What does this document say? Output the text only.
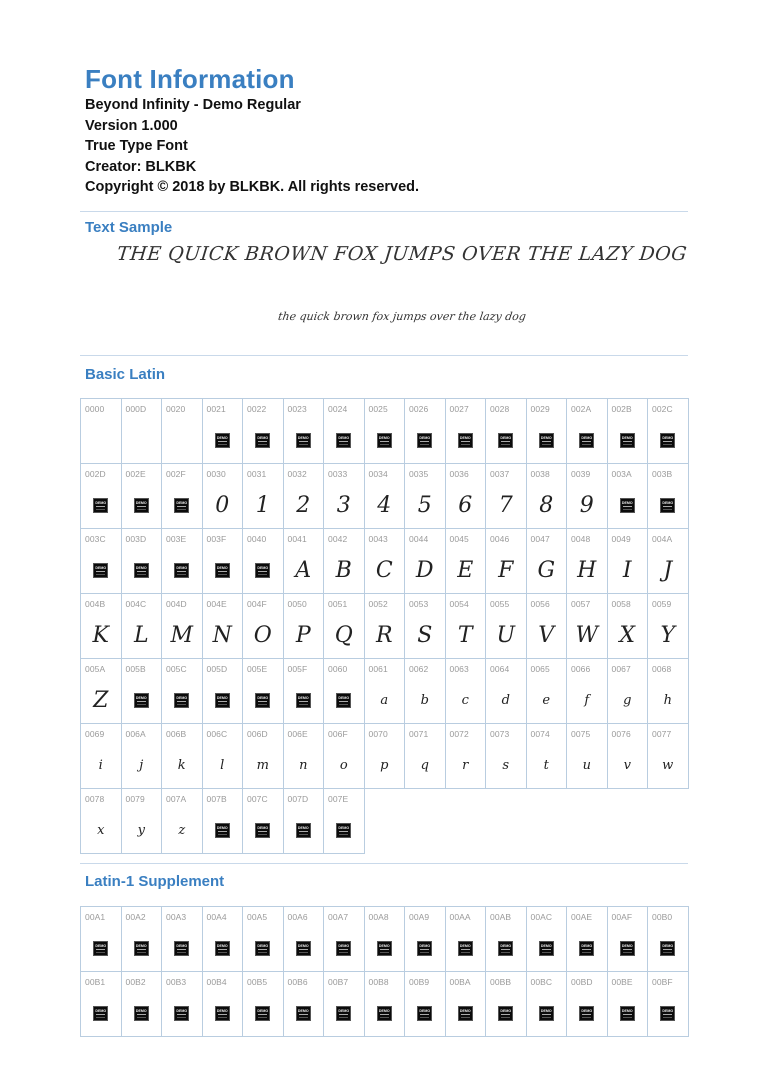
Font Information
Beyond Infinity - Demo Regular
Version 1.000
True Type Font
Creator: BLKBK
Copyright © 2018 by BLKBK. All rights reserved.
Text Sample
THE QUICK BROWN FOX JUMPS OVER THE LAZY DOG
the quick brown fox jumps over the lazy dog
Basic Latin
0000 000D 0020 0021
DEMO
0022
DEMO
0023
DEMO
0024
DEMO
0025
DEMO
0026
DEMO
0027
DEMO
0028
DEMO
0029
DEMO
002A
DEMO
002B
DEMO
002C
DEMO
002D
DEMO
002E
DEMO
002F
DEMO
0030
0
0031
1
0032
2
0033
3
0034
4
0035
5
0036
6
0037
7
0038
8
0039
9
003A
DEMO
003B
DEMO
003C
DEMO
003D
DEMO
003E
DEMO
003F
DEMO
0040
DEMO
0041
A
0042
B
0043
C
0044
D
0045
E
0046
F
0047
G
0048
H
0049
I
004A
J
004B
K
004C
L
004D
M
004E
N
004F
O
0050
P
0051
Q
0052
R
0053
S
0054
T
0055
U
0056
V
0057
W
0058
X
0059
Y
005A
Z
005B
DEMO
005C
DEMO
005D
DEMO
005E
DEMO
005F
DEMO
0060
DEMO
0061
a
0062
b
0063
c
0064
d
0065
e
0066
f
0067
g
0068
h
0069
i
006A
j
006B
k
006C
l
006D
m
006E
n
006F
o
0070
p
0071
q
0072
r
0073
s
0074
t
0075
u
0076
v
0077
w
0078
x
0079
y
007A
z
007B
DEMO
007C
DEMO
007D
DEMO
007E
DEMO
Latin-1 Supplement
00A1
DEMO
00A2
DEMO
00A3
DEMO
00A4
DEMO
00A5
DEMO
00A6
DEMO
00A7
DEMO
00A8
DEMO
00A9
DEMO
00AA
DEMO
00AB
DEMO
00AC
DEMO
00AE
DEMO
00AF
DEMO
00B0
DEMO
00B1
DEMO
00B2
DEMO
00B3
DEMO
00B4
DEMO
00B5
DEMO
00B6
DEMO
00B7
DEMO
00B8
DEMO
00B9
DEMO
00BA
DEMO
00BB
DEMO
00BC
DEMO
00BD
DEMO
00BE
DEMO
00BF
DEMO
